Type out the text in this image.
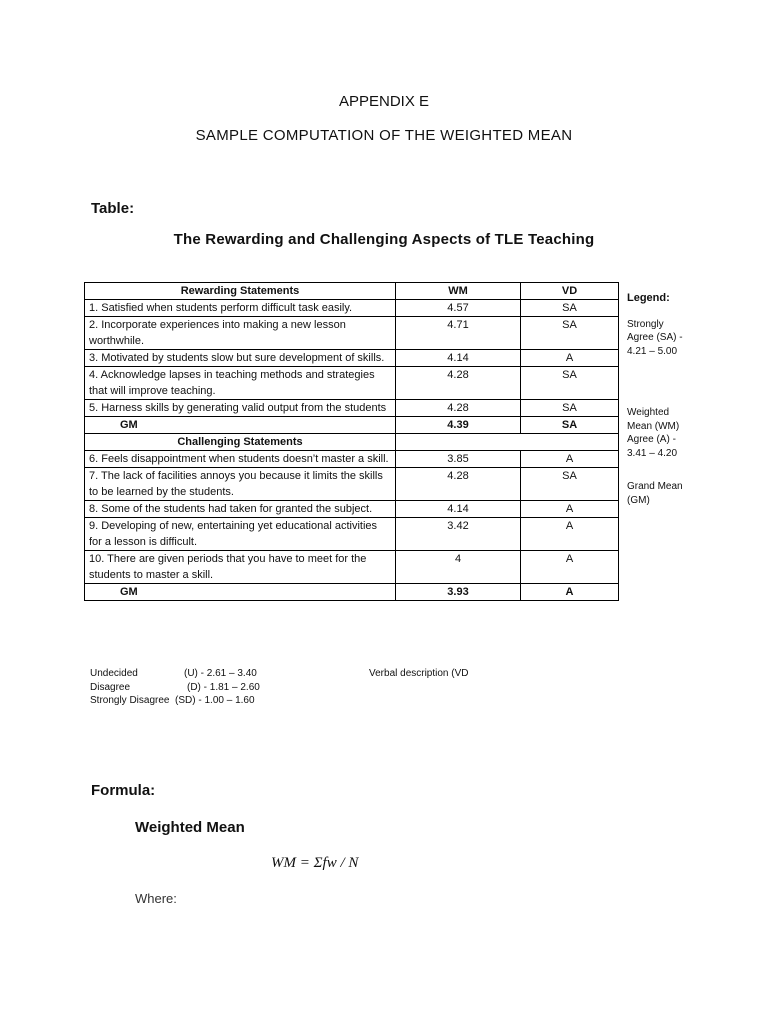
APPENDIX E
SAMPLE COMPUTATION OF THE WEIGHTED MEAN
Table:
The Rewarding and Challenging Aspects of TLE Teaching
Rewarding Statements	WM	VD
1. Satisfied when students perform difficult task easily.	4.57	SA
2. Incorporate experiences into making a new lesson worthwhile.	4.71	SA
3. Motivated by students slow but sure development of skills.	4.14	A
4. Acknowledge lapses in teaching methods and strategies that will improve teaching.	4.28	SA
5. Harness skills by generating valid output from the students	4.28	SA
GM	4.39	SA
Challenging Statements		
6. Feels disappointment when students doesn’t master a skill.	3.85	A
7. The lack of facilities annoys you because it limits the skills to be learned by the students.	4.28	SA
8. Some of the students had taken for granted the subject.	4.14	A
9. Developing of new, entertaining yet educational activities for a lesson is difficult.	3.42	A
10. There are given periods that you have to meet for the students to master a skill.	4	A
GM	3.93	A
Legend:
Strongly Agree (SA) - 4.21 – 5.00
Weighted Mean (WM)
Agree (A) - 3.41 – 4.20
Grand Mean (GM)
Undecided	(U) - 2.61 – 3.40
Disagree	(D) - 1.81 – 2.60
Strongly Disagree (SD) - 1.00 – 1.60
Verbal description (VD
Formula:
Weighted Mean
WM = Σfw / N
Where:
